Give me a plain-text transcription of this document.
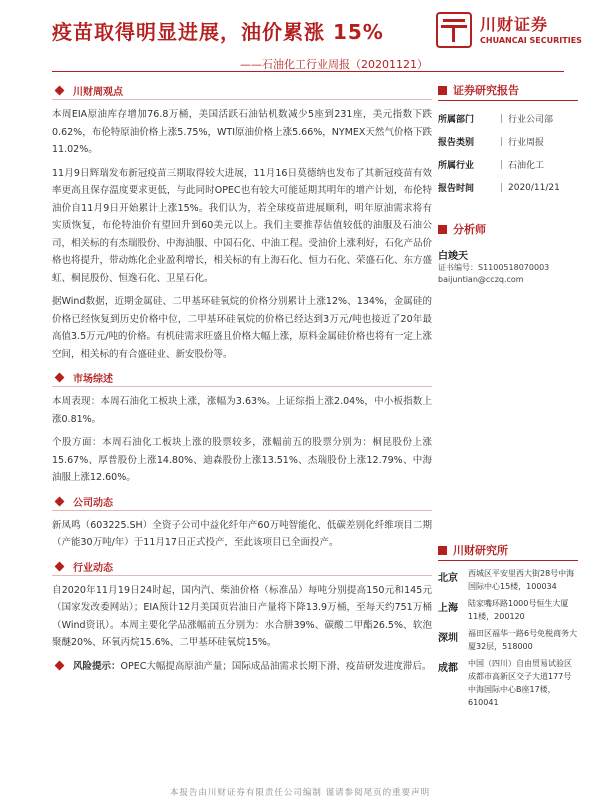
疫苗取得明显进展，油价累涨 15%
——石油化工行业周报（20201121）
川财证券
CHUANCAI SECURITIES
川财周观点

本周EIA原油库存增加76.8万桶，美国活跃石油钻机数减少5座到231座，美元指数下跌0.62%，布伦特原油价格上涨5.75%，WTI原油价格上涨5.66%，NYMEX天然气价格下跌11.02%。

11月9日辉瑞发布新冠疫苗三期取得较大进展，11月16日莫德纳也发布了其新冠疫苗有效率更高且保存温度要求更低，与此同时OPEC也有较大可能延期其明年的增产计划，布伦特油价自11月9日开始累计上涨15%。我们认为，若全球疫苗进展顺利，明年原油需求将有实质恢复，布伦特油价有望回升到60美元以上。我们主要推荐估值较低的油服及石油公司，相关标的有杰瑞股份、中海油服、中国石化、中油工程。受油价上涨利好，石化产品价格也将提升，带动炼化企业盈利增长，相关标的有上海石化、恒力石化、荣盛石化、东方盛虹、桐昆股份、恒逸石化、卫星石化。

据Wind数据，近期金属硅、二甲基环硅氧烷的价格分别累计上涨12%、134%，金属硅的价格已经恢复到历史价格中位，二甲基环硅氧烷的价格已经达到3万元/吨也接近了20年最高值3.5万元/吨的价格。有机硅需求旺盛且价格大幅上涨，原料金属硅价格也将有一定上涨空间，相关标的有合盛硅业、新安股份等。

市场综述

本周表现：本周石油化工板块上涨，涨幅为3.63%。上证综指上涨2.04%，中小板指数上涨0.81%。

个股方面：本周石油化工板块上涨的股票较多，涨幅前五的股票分别为：桐昆股份上涨15.67%、厚普股份上涨14.80%、迪森股份上涨13.51%、杰瑞股份上涨12.79%、中海油服上涨12.60%。

公司动态

新凤鸣（603225.SH）全资子公司中益化纤年产60万吨智能化、低碳差别化纤维项目二期（产能30万吨/年）于11月17日正式投产，至此该项目已全面投产。

行业动态

自2020年11月19日24时起，国内汽、柴油价格（标准品）每吨分别提高150元和145元（国家发改委网站）；EIA预计12月美国页岩油日产量将下降13.9万桶，至每天约751万桶（Wind资讯）。本周主要化学品涨幅前五分别为：水合肼39%、碳酸二甲酯26.5%、软泡聚醚20%、环氧丙烷15.6%、二甲基环硅氧烷15%。

风险提示：OPEC大幅提高原油产量；国际成品油需求长期下滑、疫苗研发进度滞后。

证券研究报告
所属部门	| 行业公司部
报告类别	| 行业周报
所属行业	| 石油化工
报告时间	| 2020/11/21
分析师
白竣天
证书编号：S1100518070003
baijuntian@cczq.com
川财研究所
北京	西城区平安里西大街28号中海国际中心15楼，100034
上海	陆家嘴环路1000号恒生大厦11楼，200120
深圳	福田区福华一路6号免税商务大厦32层，518000
成都	中国（四川）自由贸易试验区成都市高新区交子大道177号中海国际中心B座17楼，610041
本报告由川财证券有限责任公司编制 谨请参阅尾页的重要声明
